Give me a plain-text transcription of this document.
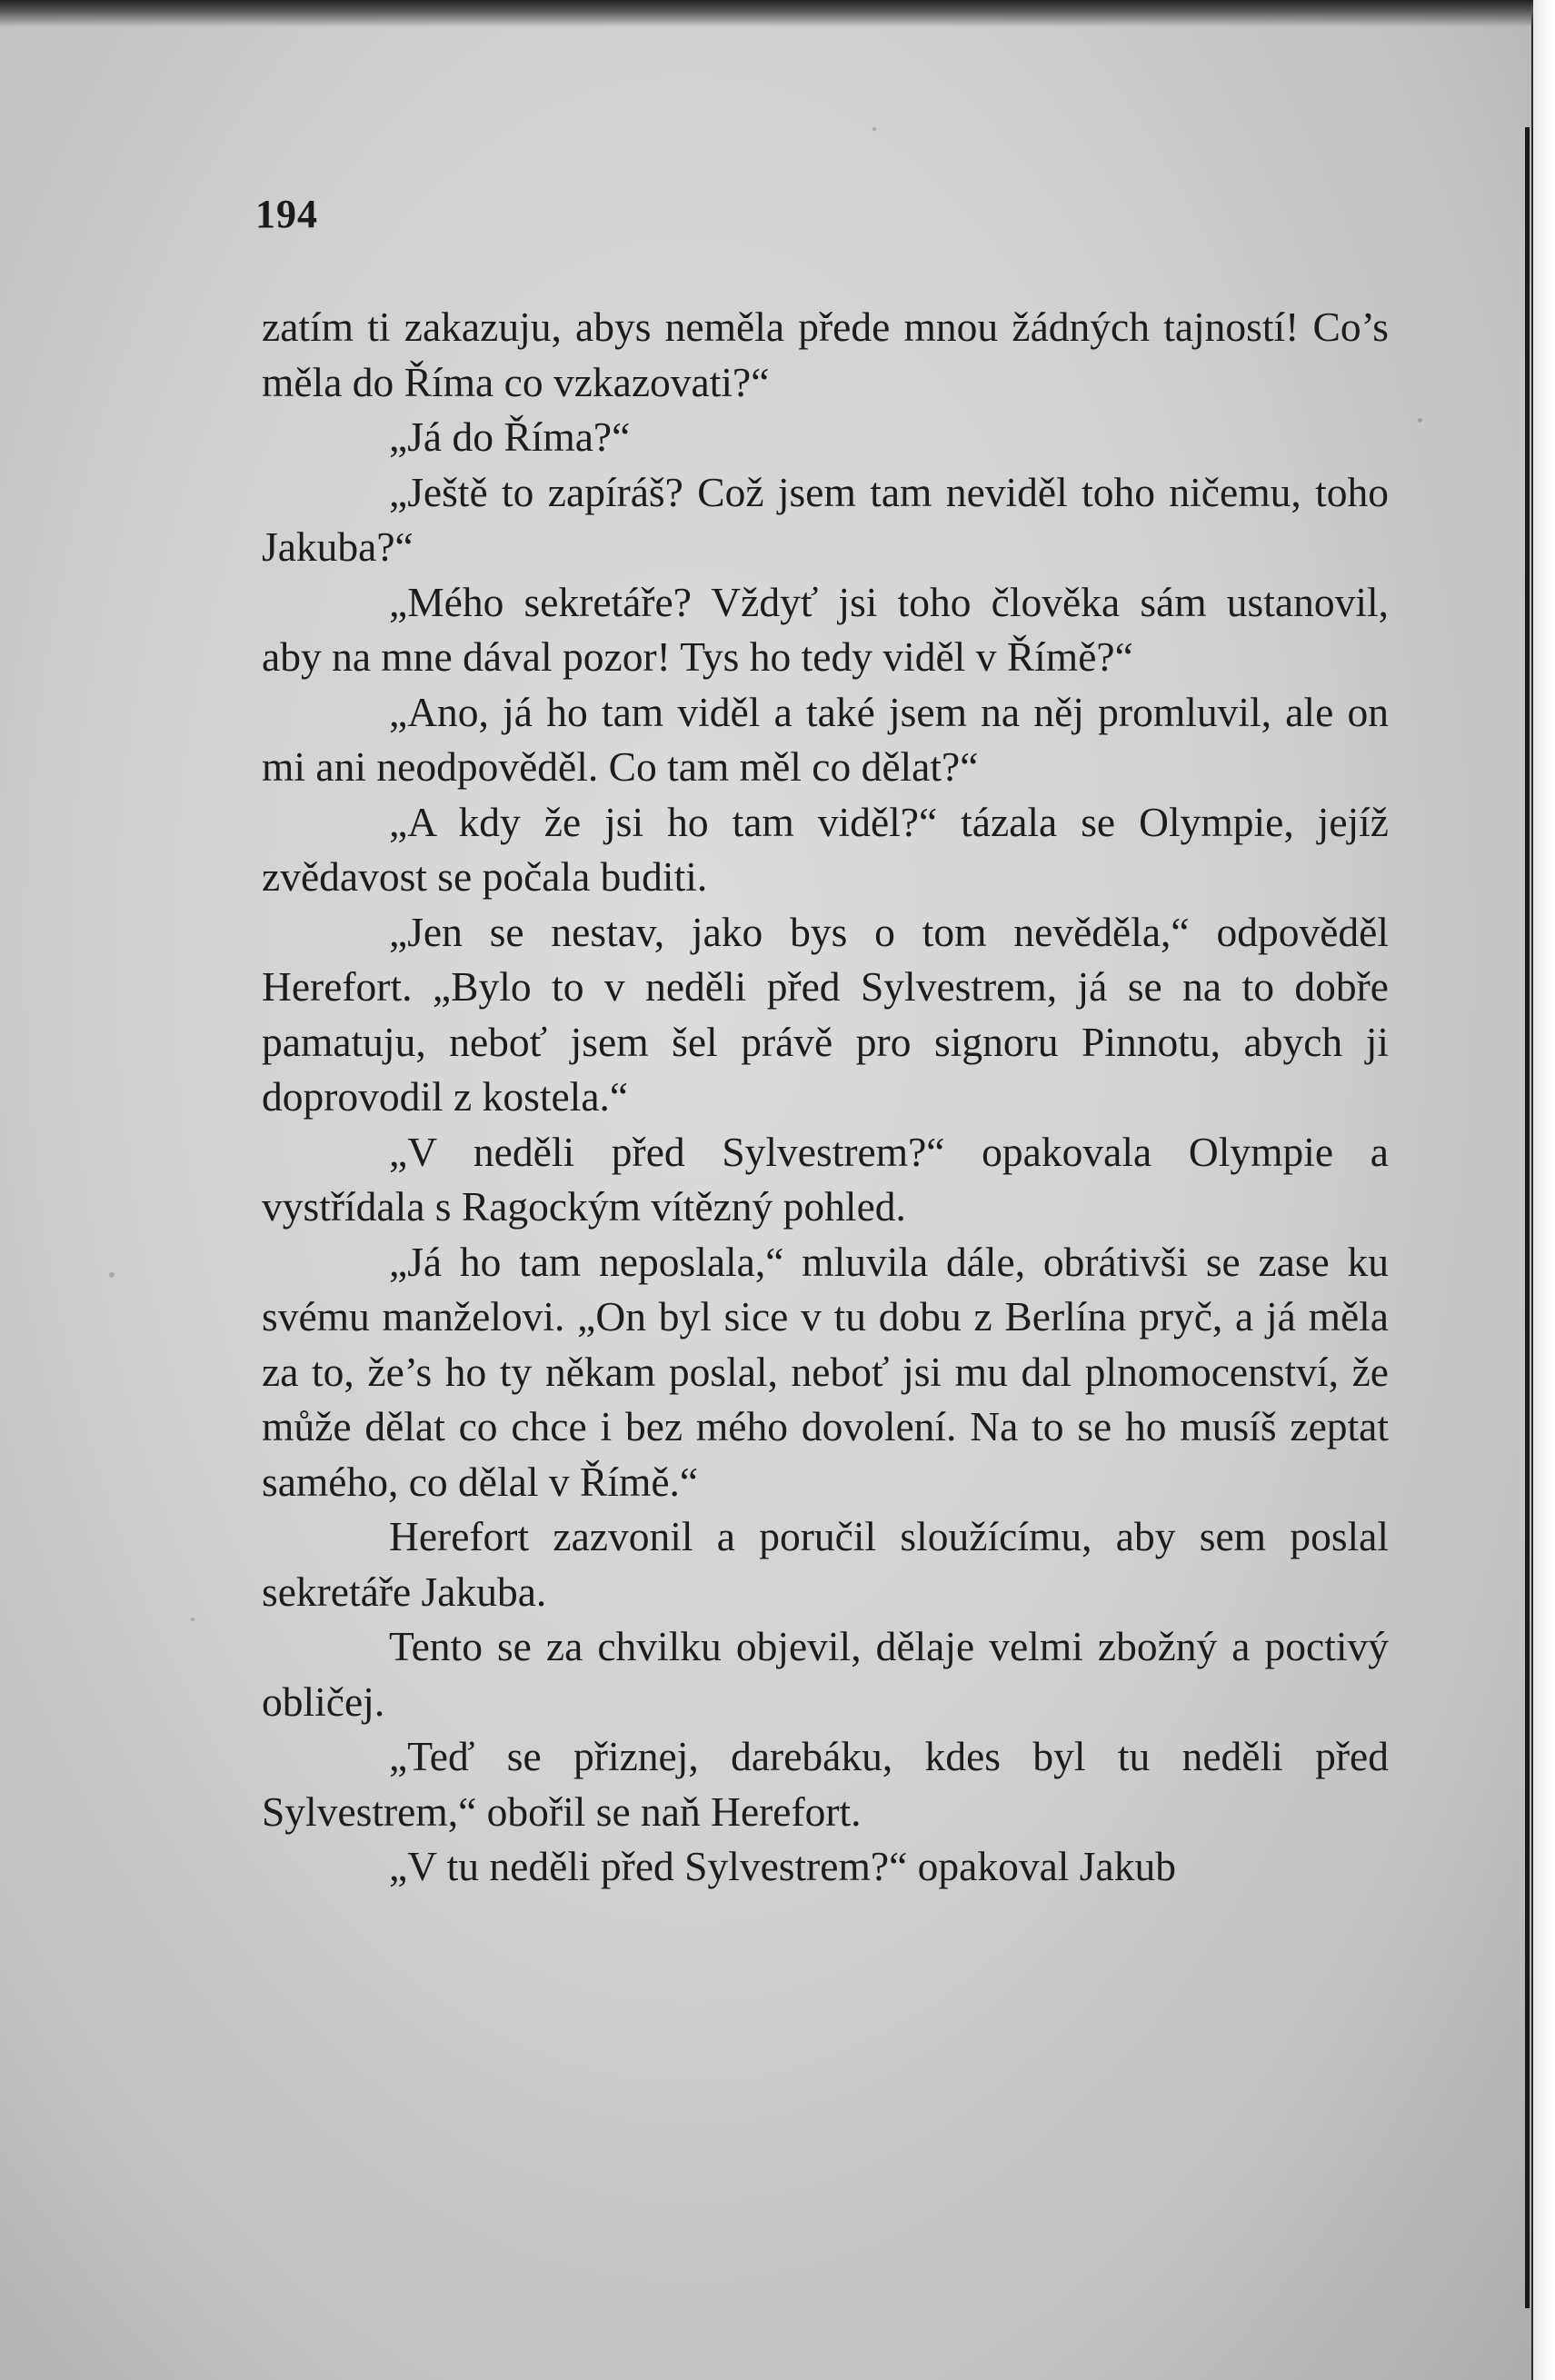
194

zatím ti zakazuju, abys neměla přede mnou žádných tajností! Co’s měla do Říma co vzkazovati?“

„Já do Říma?“

„Ještě to zapíráš? Což jsem tam neviděl toho ničemu, toho Jakuba?“

„Mého sekretáře? Vždyť jsi toho člověka sám ustanovil, aby na mne dával pozor! Tys ho tedy viděl v Římě?“

„Ano, já ho tam viděl a také jsem na něj promluvil, ale on mi ani neodpověděl. Co tam měl co dělat?“

„A kdy že jsi ho tam viděl?“ tázala se Olympie, jejíž zvědavost se počala buditi.

„Jen se nestav, jako bys o tom nevěděla,“ odpověděl Herefort. „Bylo to v neděli před Sylvestrem, já se na to dobře pamatuju, neboť jsem šel právě pro signoru Pinnotu, abych ji doprovodil z kostela.“

„V neděli před Sylvestrem?“ opakovala Olympie a vystřídala s Ragockým vítězný pohled.

„Já ho tam neposlala,“ mluvila dále, obrátivši se zase ku svému manželovi. „On byl sice v tu dobu z Berlína pryč, a já měla za to, že’s ho ty někam poslal, neboť jsi mu dal plnomocenství, že může dělat co chce i bez mého dovolení. Na to se ho musíš zeptat samého, co dělal v Římě.“

Herefort zazvonil a poručil sloužícímu, aby sem poslal sekretáře Jakuba.

Tento se za chvilku objevil, dělaje velmi zbožný a poctivý obličej.

„Teď se přiznej, darebáku, kdes byl tu neděli před Sylvestrem,“ obořil se naň Herefort.

„V tu neděli před Sylvestrem?“ opakoval Jakub
